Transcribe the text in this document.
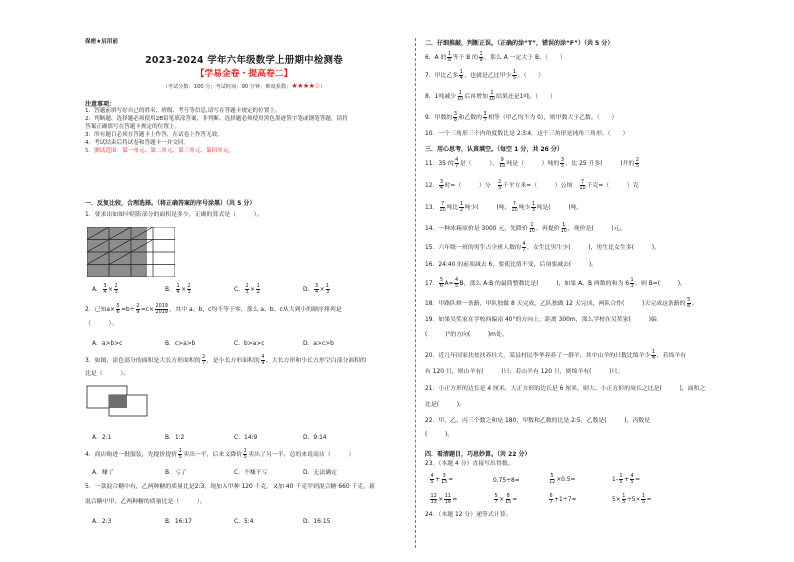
保密★启用前
2023-2024 学年六年级数学上册期中检测卷
【学易金卷・提高卷二】
（考试分数：100 分；考试时间：90 分钟；难度系数：★★★★☆）
注意事项：
1．答题前填写好自己的姓名、班级、考号等信息,请写在答题卡规定的位置上。
2．判断题、选择题必须使用2B铅笔填涂答案，非判断、选择题必须使用黑色墨迹签字笔或钢笔答题，请将
答案正确填写在答题卡规定的位置上。
3．所有题目必须在答题卡上作答，在试卷上作答无效。
4．考试结束后将试卷和答题卡一并交回。
5．测试范围：第一单元、第二单元、第三单元、第四单元。
一．反复比较，合理选择。（将正确答案的序号涂黑）（共 5 分）
1．要求出如图中阴影部分的面积是多少，正确的算式是（　　　）。
A． $\frac{3}{4} \times \frac{2}{3}$	B． $\frac{1}{4} \times \frac{2}{3}$	C． $\frac{2}{3} \times \frac{1}{2}$	D． $\frac{3}{4} \times \frac{1}{3}$
2．已知$a\times \frac{5}{6} =b\div \frac{2}{9} =c\times \frac{2019}{2019}$ ，其中 a、b、c均不等于零，那么 a、b、c从大到小的顺序排列是
（　　　）。
A．a>b>c	B．c>a>b	C．b>a>c	D．a>c>b
3．如图，涂色部分的面积是大长方形面积的 $\frac{2}{7}$ ，是小长方形面积的 $\frac{4}{9}$ ，大长方形和小长方形空白部分面积的
比是（　　　）。
A．2:1	B．1:2	C．14:9	D．9:14
4．商店购进一批服装，先提价提价 $\frac{1}{5}$ 卖出一半，后来又降价 $\frac{1}{5}$ 卖出了另一半，总的来说商店（　　　）
A．赚了	B．亏了	C．不赚不亏	D．无法确定
5．一款混合糖中有，乙两种糖的质量比是2:3。现加入甲种 120 千克，又加 40 千克甲到混合糖 660 千克，新
混合糖中甲、乙两种糖的质量比是（　　　）。
A．2:3	B．16:17	C．5:4	D．16:15
二．仔细推敲，判断正误。（正确的涂“T”，错误的涂“F”）（共 5 分）
6．A 的 $\frac{1}{8}$ 等于 B 的 $\frac{1}{9}$ ，那么 A 一定大于 B。（　　）
7．甲比乙多 $\frac{1}{4}$ ，也就是乙比甲少 $\frac{1}{5}$ 。（　　）
8．1吨减少 $\frac{1}{10}$ 后再增加 $\frac{1}{10}$ 结果还是1吨。（　　）
9．甲数的 $\frac{3}{8}$ 和乙数的 $\frac{3}{7}$ 相等（甲乙均不为 0），则甲数大于乙数。（　　）
10．一个三角形三个内角度数比是 2∶3∶4，这个三角形是钝角三角形。（　　）
三．用心思考，认真填空。（每空 1 分，共 26 分）
11．35 的 $\frac{4}{7}$ 是（　　　）， $\frac{9}{10}$ 吨是（　　　）吨的 $\frac{3}{5}$ ，比 25 升多(　　　)升的 $\frac{2}{5}$
12． $\frac{3}{4}$ 时=（　　　）分　 $\frac{2}{5}$ 千平方米=（　　　）公顷　 $\frac{7}{10}$ 千克=（　　　）克
13． $\frac{7}{10}$ 吨比 $\frac{1}{2}$ 吨少(　　　)吨； $\frac{7}{10}$ 吨少 $\frac{1}{3}$ 吨是(　　　)吨。
14．一种冰箱原价是 3000 元，先降价 $\frac{1}{10}$ ，再提价 $\frac{1}{10}$ ，现价是(　　　)元。
15．六年级一班的男生占全班人数的 $\frac{4}{7}$ ，女生比男生少(　　　)，男生比女生多(　　　)。
16．24:40 的前项减去 6，要使比值不变，后项要减去(　　　)。
17． $\frac{5}{6} A= \frac{4}{5}$ B，那么 A:B 的最简整数比是(　　　)，如果 A、B 两数的和为 $6 \frac{1}{3}$ ，则 B=(　　　)。
18．甲路队修一条路，甲队独做 8 天完成，乙队独做 12 天完成，两队合作(　　　)天完成这条路的 $\frac{5}{8}$ 。
19．如果吴奖家在学校西偏南 40°的方向上，距离 300m，那么学校在吴奖家(　　　)偏
(　　　)°的方向(　　　)m处。
20．近几年国家扶贫扶养壮大，某县村民李华养养了一群羊，其中山羊的只数比绵羊少 $\frac{1}{4}$ ，若绵羊有
有 120 只，则山羊有(　　　)只；若山羊有 120 只，则绵羊有(　　　)只。
21．小正方形的边长是 4 厘米，大正方形的边长是 6 厘米，则大、小正方形的周长之比是(　　　)，面积之
比是(　　　)。
22．甲、乙、丙三个数之和是 180，甲数和乙数的比是 2:5，乙数是(　　　)，丙数是
(　　　)。
四．看清题目，巧思妙算。（共 22 分）
23．（本题 4 分）直接写出得数。
$\frac{4}{5} + \frac{3}{15}$ =	0.75÷8=	$\frac{5}{12} \times 0.5=$	$1- \frac{1}{5} + \frac{4}{5}$ =
$\frac{12}{33} \times \frac{11}{18}$ =	$\frac{5}{7} \times \frac{8}{15}$ =	$\frac{6}{7} +1\div 7=$	$5\times \frac{1}{5} \div 5\times \frac{1}{5}$ =
24．（本题 12 分）递等式计算。
